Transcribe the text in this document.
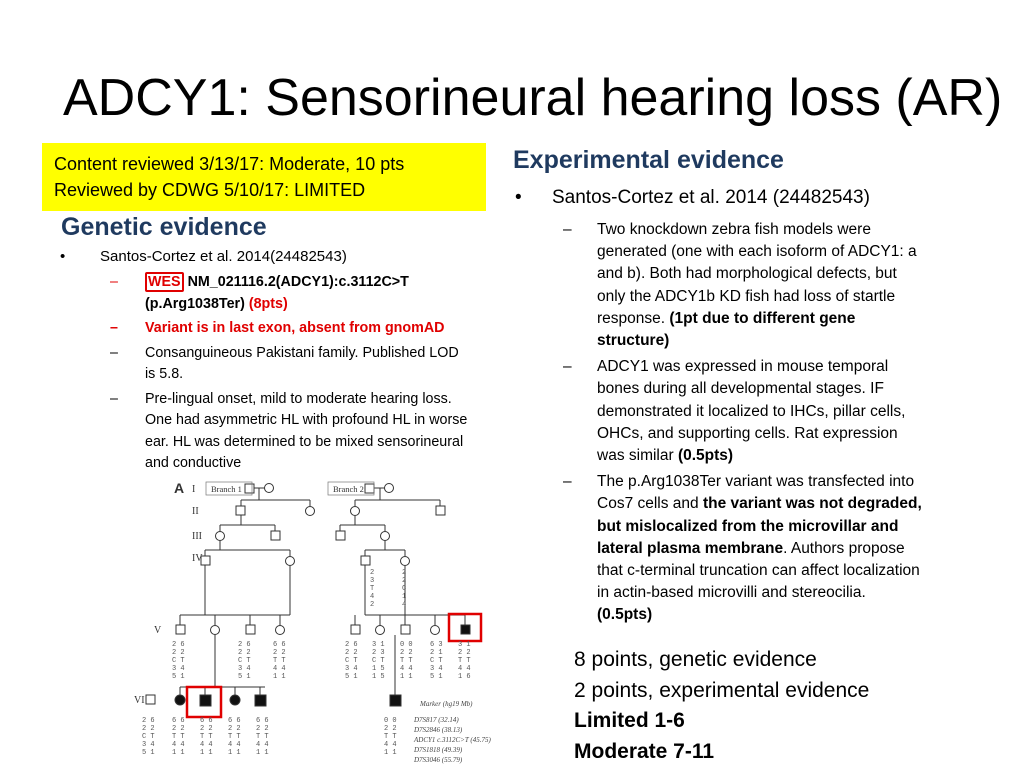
ADCY1: Sensorineural hearing loss (AR)
Content reviewed 3/13/17: Moderate, 10 pts
Reviewed by CDWG 5/10/17: LIMITED
Genetic evidence
• Santos-Cortez et al. 2014(24482543)
– WES NM_021116.2(ADCY1):c.3112C>T (p.Arg1038Ter) (8pts)
– Variant is in last exon, absent from gnomAD
– Consanguineous Pakistani family. Published LOD is 5.8.
– Pre-lingual onset, mild to moderate hearing loss. One had asymmetric HL with profound HL in worse ear. HL was determined to be mixed sensorineural and conductive
A	Branch 1	Branch 2
I
II
III
IV
V
VI
2
3
T
4
2
2
2
C
1
4
2 6
2 2
C T
3 4
5 1
2 6
2 2
C T
3 4
5 1
6 6
2 2
T T
4 4
1 1
2 6
2 2
C T
3 4
5 1
3 1
2 3
C T
1 5
1 5
0 0
2 2
T T
4 4
1 1
6 3
2 1
C T
3 4
5 1
3 1
2 2
T T
4 4
1 6
2 6
2 2
C T
3 4
5 1
6 6
2 2
T T
4 4
1 1
6 6
2 2
T T
4 4
1 1
6 6
2 2
T T
4 4
1 1
6 6
2 2
T T
4 4
1 1
0 0
2 2
T T
4 4
1 1
Marker (hg19 Mb)
D7S817 (32.14)
D7S2846 (38.13)
ADCY1 c.3112C>T (45.75)
D7S1818 (49.39)
D7S3046 (55.79)
Experimental evidence
• Santos-Cortez et al. 2014 (24482543)
– Two knockdown zebra fish models were generated (one with each isoform of ADCY1: a and b). Both had morphological defects, but only the ADCY1b KD fish had loss of startle response. (1pt due to different gene structure)
– ADCY1 was expressed in mouse temporal bones during all developmental stages. IF demonstrated it localized to IHCs, pillar cells, OHCs, and supporting cells. Rat expression was similar (0.5pts)
– The p.Arg1038Ter variant was transfected into Cos7 cells and the variant was not degraded, but mislocalized from the microvillar and lateral plasma membrane. Authors propose that c-terminal truncation can affect localization in actin-based microvilli and stereocilia. (0.5pts)
8 points, genetic evidence
2 points, experimental evidence
Limited 1-6
Moderate 7-11
